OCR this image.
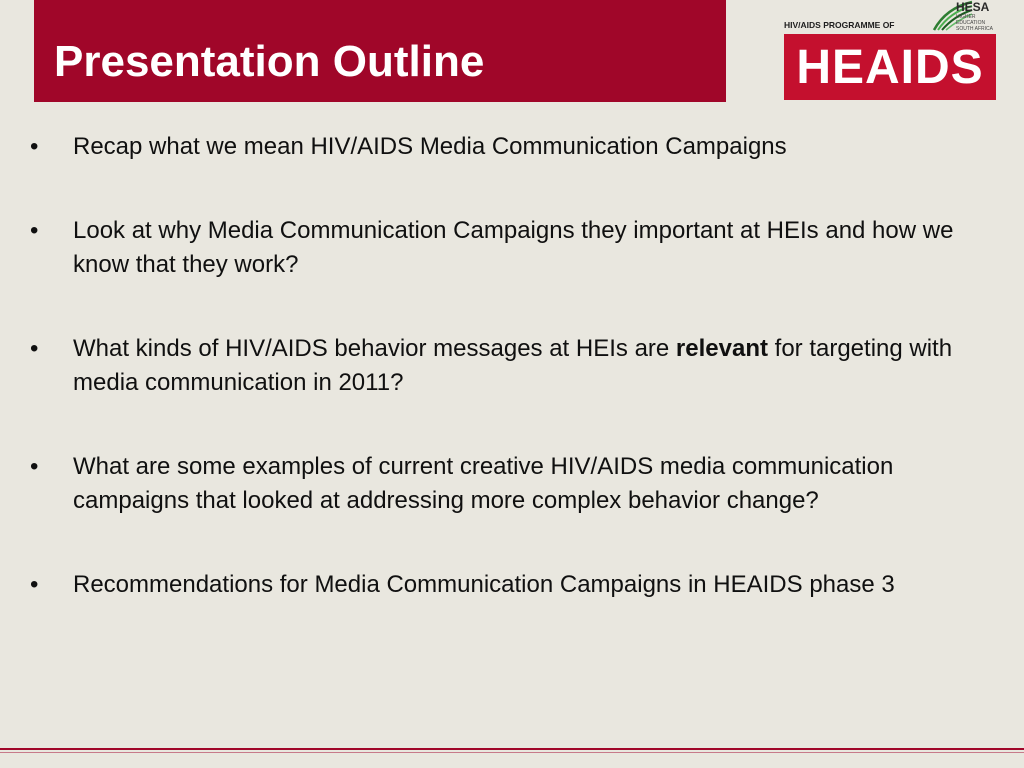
Presentation Outline
HESA
HIGHER EDUCATION SOUTH AFRICA
HIV/AIDS PROGRAMME OF
HEAIDS
• Recap what we mean HIV/AIDS Media Communication Campaigns
• Look at why Media Communication Campaigns they important at HEIs and how we know that they work?
• What kinds of HIV/AIDS behavior messages at HEIs are relevant for targeting with media communication in 2011?
• What are some examples of current creative HIV/AIDS media communication campaigns that looked at addressing more complex behavior change?
• Recommendations for Media Communication Campaigns in HEAIDS phase 3
